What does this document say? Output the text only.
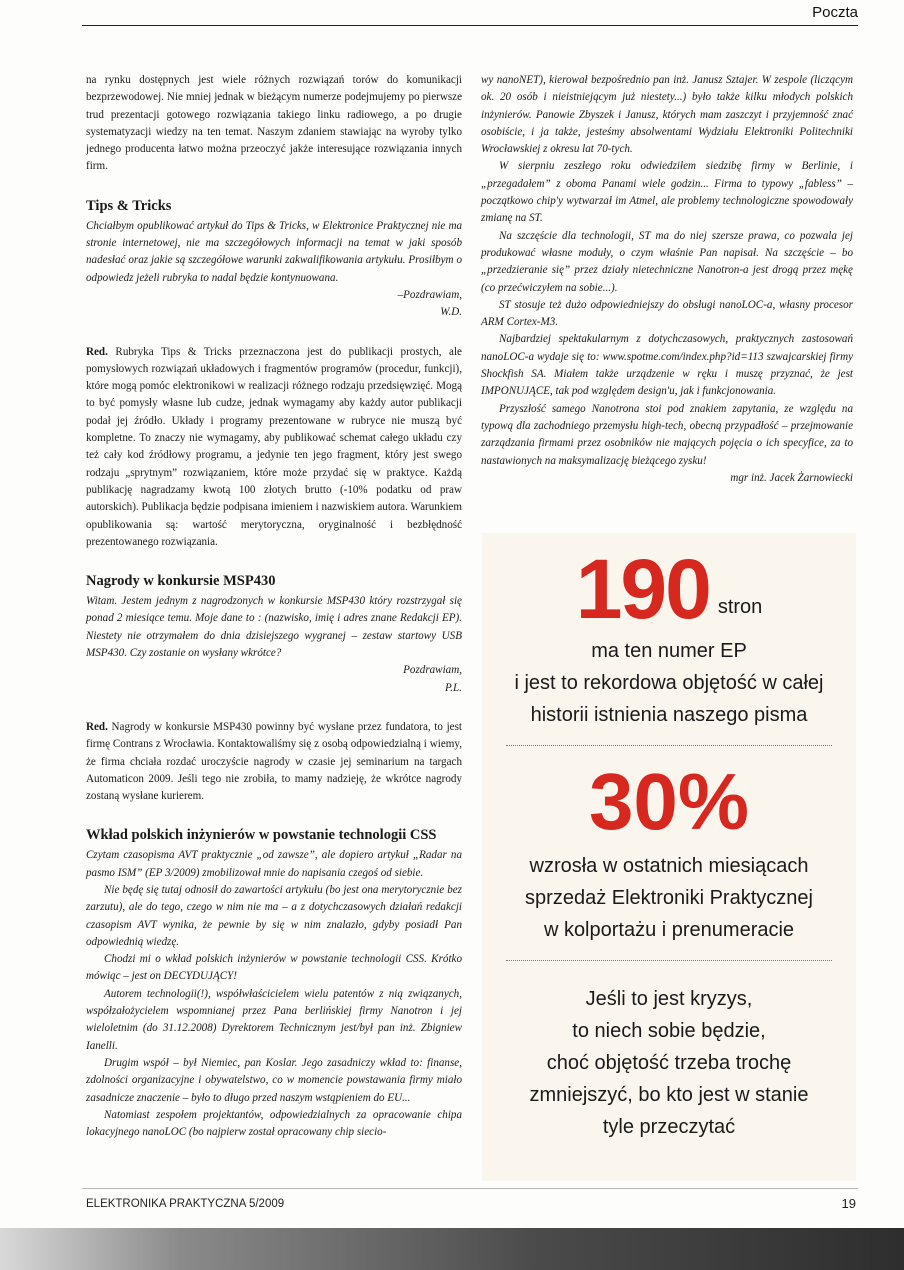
Poczta

na rynku dostępnych jest wiele różnych rozwiązań torów do komunikacji bezprzewodowej. Nie mniej jednak w bieżącym numerze podejmujemy po pierwsze trud prezentacji gotowego rozwiązania takiego linku radiowego, a po drugie systematyzacji wiedzy na ten temat. Naszym zdaniem stawiając na wyroby tylko jednego producenta łatwo można przeoczyć jakże interesujące rozwiązania innych firm.

Tips & Tricks

Chciałbym opublikować artykuł do Tips & Tricks, w Elektronice Praktycznej nie ma stronie internetowej, nie ma szczegółowych informacji na temat w jaki sposób nadesłać oraz jakie są szczegółowe warunki zakwalifikowania artykułu. Prosiłbym o odpowiedz jeżeli rubryka to nadal będzie kontynuowana.

–Pozdrawiam,

W.D.

Red. Rubryka Tips & Tricks przeznaczona jest do publikacji prostych, ale pomysłowych rozwiązań układowych i fragmentów programów (procedur, funkcji), które mogą pomóc elektronikowi w realizacji różnego rodzaju przedsięwzięć. Mogą to być pomysły własne lub cudze, jednak wymagamy aby każdy autor publikacji podał jej źródło. Układy i programy prezentowane w rubryce nie muszą być kompletne. To znaczy nie wymagamy, aby publikować schemat całego układu czy też cały kod źródłowy programu, a jedynie ten jego fragment, który jest swego rodzaju „sprytnym” rozwiązaniem, które może przydać się w praktyce. Każdą publikację nagradzamy kwotą 100 złotych brutto (-10% podatku od praw autorskich). Publikacja będzie podpisana imieniem i nazwiskiem autora. Warunkiem opublikowania są: wartość merytoryczna, oryginalność i bezbłędność prezentowanego rozwiązania.

Nagrody w konkursie MSP430

Witam. Jestem jednym z nagrodzonych w konkursie MSP430 który rozstrzygał się ponad 2 miesiące temu. Moje dane to : (nazwisko, imię i adres znane Redakcji EP). Niestety nie otrzymałem do dnia dzisiejszego wygranej – zestaw startowy USB MSP430. Czy zostanie on wysłany wkrótce?

Pozdrawiam,

P.L.

Red. Nagrody w konkursie MSP430 powinny być wysłane przez fundatora, to jest firmę Contrans z Wrocławia. Kontaktowaliśmy się z osobą odpowiedzialną i wiemy, że firma chciała rozdać uroczyście nagrody w czasie jej seminarium na targach Automaticon 2009. Jeśli tego nie zrobiła, to mamy nadzieję, że wkrótce nagrody zostaną wysłane kurierem.

Wkład polskich inżynierów w powstanie technologii CSS

Czytam czasopisma AVT praktycznie „od zawsze”, ale dopiero artykuł „Radar na pasmo ISM” (EP 3/2009) zmobilizował mnie do napisania czegoś od siebie.

Nie będę się tutaj odnosił do zawartości artykułu (bo jest ona merytorycznie bez zarzutu), ale do tego, czego w nim nie ma – a z dotychczasowych działań redakcji czasopism AVT wynika, że pewnie by się w nim znalazło, gdyby posiadł Pan odpowiednią wiedzę.

Chodzi mi o wkład polskich inżynierów w powstanie technologii CSS. Krótko mówiąc – jest on DECYDUJĄCY!

Autorem technologii(!), współwłaścicielem wielu patentów z nią związanych, współzałożycielem wspomnianej przez Pana berlińskiej firmy Nanotron i jej wieloletnim (do 31.12.2008) Dyrektorem Technicznym jest/był pan inż. Zbigniew Ianelli.

Drugim współ – był Niemiec, pan Koslar. Jego zasadniczy wkład to: finanse, zdolności organizacyjne i obywatelstwo, co w momencie powstawania firmy miało zasadnicze znaczenie – było to długo przed naszym wstąpieniem do EU...

Natomiast zespołem projektantów, odpowiedzialnych za opracowanie chipa lokacyjnego nanoLOC (bo najpierw został opracowany chip siecio-

wy nanoNET), kierował bezpośrednio pan inż. Janusz Sztajer. W zespole (liczącym ok. 20 osób i nieistniejącym już niestety...) było także kilku młodych polskich inżynierów. Panowie Zbyszek i Janusz, których mam zaszczyt i przyjemność znać osobiście, i ja także, jesteśmy absolwentami Wydziału Elektroniki Politechniki Wrocławskiej z okresu lat 70-tych.

W sierpniu zeszłego roku odwiedziłem siedzibę firmy w Berlinie, i „przegadałem” z oboma Panami wiele godzin... Firma to typowy „fabless” – początkowo chip'y wytwarzał im Atmel, ale problemy technologiczne spowodowały zmianę na ST.

Na szczęście dla technologii, ST ma do niej szersze prawa, co pozwala jej produkować własne moduły, o czym właśnie Pan napisał. Na szczęście – bo „przedzieranie się” przez działy nietechniczne Nanotron-a jest drogą przez mękę (co przećwiczyłem na sobie...).

ST stosuje też dużo odpowiedniejszy do obsługi nanoLOC-a, własny procesor ARM Cortex-M3.

Najbardziej spektakularnym z dotychczasowych, praktycznych zastosowań nanoLOC-a wydaje się to: www.spotme.com/index.php?id=113 szwajcarskiej firmy Shockfish SA. Miałem także urządzenie w ręku i muszę przyznać, że jest IMPONUJĄCE, tak pod względem design'u, jak i funkcjonowania.

Przyszłość samego Nanotrona stoi pod znakiem zapytania, ze względu na typową dla zachodniego przemysłu high-tech, obecną przypadłość – przejmowanie zarządzania firmami przez osobników nie mających pojęcia o ich specyfice, za to nastawionych na maksymalizację bieżącego zysku!

mgr inż. Jacek Żarnowiecki

190 stron
ma ten numer EP
i jest to rekordowa objętość w całej
historii istnienia naszego pisma
30%
wzrosła w ostatnich miesiącach
sprzedaż Elektroniki Praktycznej
w kolportażu i prenumeracie
Jeśli to jest kryzys,
to niech sobie będzie,
choć objętość trzeba trochę
zmniejszyć, bo kto jest w stanie
tyle przeczytać
ELEKTRONIKA PRAKTYCZNA 5/2009	19
